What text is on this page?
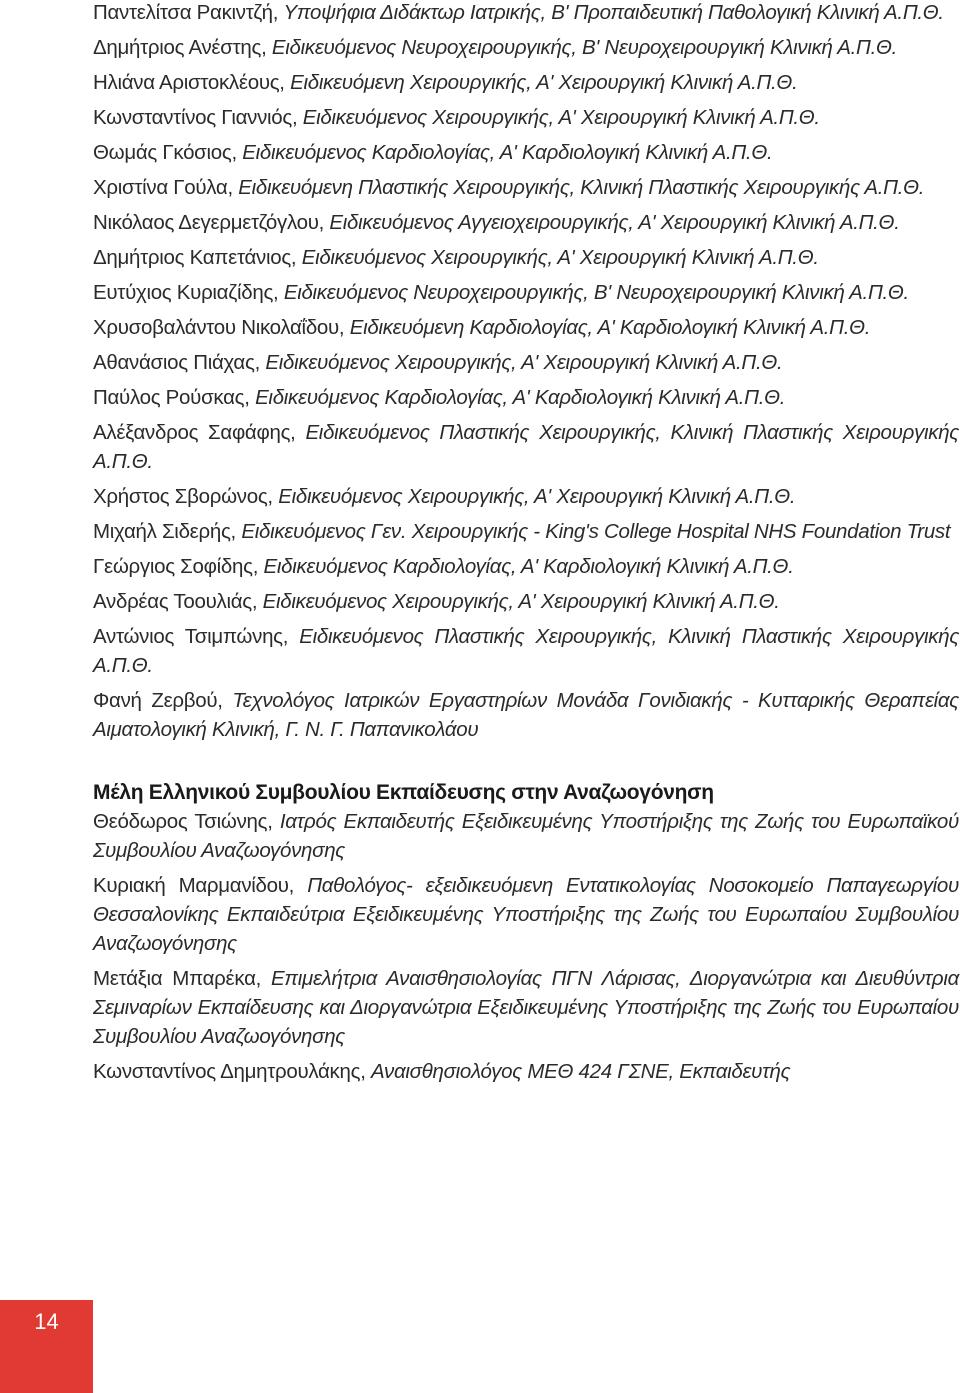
Παντελίτσα Ρακιντζή, Υποψήφια Διδάκτωρ Ιατρικής, Β' Προπαιδευτική Παθολογική Κλινική Α.Π.Θ.

Δημήτριος Ανέστης, Ειδικευόμενος Νευροχειρουργικής, Β' Νευροχειρουργική Κλινική Α.Π.Θ.

Ηλιάνα Αριστοκλέους, Ειδικευόμενη Χειρουργικής, Α' Χειρουργική Κλινική Α.Π.Θ.

Κωνσταντίνος Γιαννιός, Ειδικευόμενος Χειρουργικής, Α' Χειρουργική Κλινική Α.Π.Θ.

Θωμάς Γκόσιος, Ειδικευόμενος Καρδιολογίας, Α' Καρδιολογική Κλινική Α.Π.Θ.

Χριστίνα Γούλα, Ειδικευόμενη Πλαστικής Χειρουργικής, Κλινική Πλαστικής Χειρουργικής Α.Π.Θ.

Νικόλαος Δεγερμετζόγλου, Ειδικευόμενος Αγγειοχειρουργικής, Α' Χειρουργική Κλινική Α.Π.Θ.

Δημήτριος Καπετάνιος, Ειδικευόμενος Χειρουργικής, Α' Χειρουργική Κλινική Α.Π.Θ.

Ευτύχιος Κυριαζίδης, Ειδικευόμενος Νευροχειρουργικής, Β' Νευροχειρουργική Κλινική Α.Π.Θ.

Χρυσοβαλάντου Νικολαΐδου, Ειδικευόμενη Καρδιολογίας, Α' Καρδιολογική Κλινική Α.Π.Θ.

Αθανάσιος Πιάχας, Ειδικευόμενος Χειρουργικής, Α' Χειρουργική Κλινική Α.Π.Θ.

Παύλος Ρούσκας, Ειδικευόμενος Καρδιολογίας, Α' Καρδιολογική Κλινική Α.Π.Θ.

Αλέξανδρος Σαφάφης, Ειδικευόμενος Πλαστικής Χειρουργικής, Κλινική Πλαστικής Χειρουργικής Α.Π.Θ.

Χρήστος Σβορώνος, Ειδικευόμενος Χειρουργικής, Α' Χειρουργική Κλινική Α.Π.Θ.

Μιχαήλ Σιδερής, Ειδικευόμενος Γεν. Χειρουργικής - King's College Hospital NHS Foundation Trust

Γεώργιος Σοφίδης, Ειδικευόμενος Καρδιολογίας, Α' Καρδιολογική Κλινική Α.Π.Θ.

Ανδρέας Τοουλιάς, Ειδικευόμενος Χειρουργικής, Α' Χειρουργική Κλινική Α.Π.Θ.

Αντώνιος Τσιμπώνης, Ειδικευόμενος Πλαστικής Χειρουργικής, Κλινική Πλαστικής Χειρουργικής Α.Π.Θ.

Φανή Ζερβού, Τεχνολόγος Ιατρικών Εργαστηρίων Μονάδα Γονιδιακής - Κυτταρικής Θεραπείας Αιματολογική Κλινική, Γ. Ν. Γ. Παπανικολάου

Μέλη Ελληνικού Συμβουλίου Εκπαίδευσης στην Αναζωογόνηση

Θεόδωρος Τσιώνης, Ιατρός Εκπαιδευτής Εξειδικευμένης Υποστήριξης της Ζωής του Ευρωπαϊκού Συμβουλίου Αναζωογόνησης

Κυριακή Μαρμανίδου, Παθολόγος- εξειδικευόμενη Εντατικολογίας Νοσοκομείο Παπαγεωργίου Θεσσαλονίκης Εκπαιδεύτρια Εξειδικευμένης Υποστήριξης της Ζωής του Ευρωπαίου Συμβουλίου Αναζωογόνησης

Μετάξια Μπαρέκα, Επιμελήτρια Αναισθησιολογίας ΠΓΝ Λάρισας, Διοργανώτρια και Διευθύντρια Σεμιναρίων Εκπαίδευσης και Διοργανώτρια Εξειδικευμένης Υποστήριξης της Ζωής του Ευρωπαίου Συμβουλίου Αναζωογόνησης

Κωνσταντίνος Δημητρουλάκης, Αναισθησιολόγος ΜΕΘ 424 ΓΣΝΕ, Εκπαιδευτής

14
